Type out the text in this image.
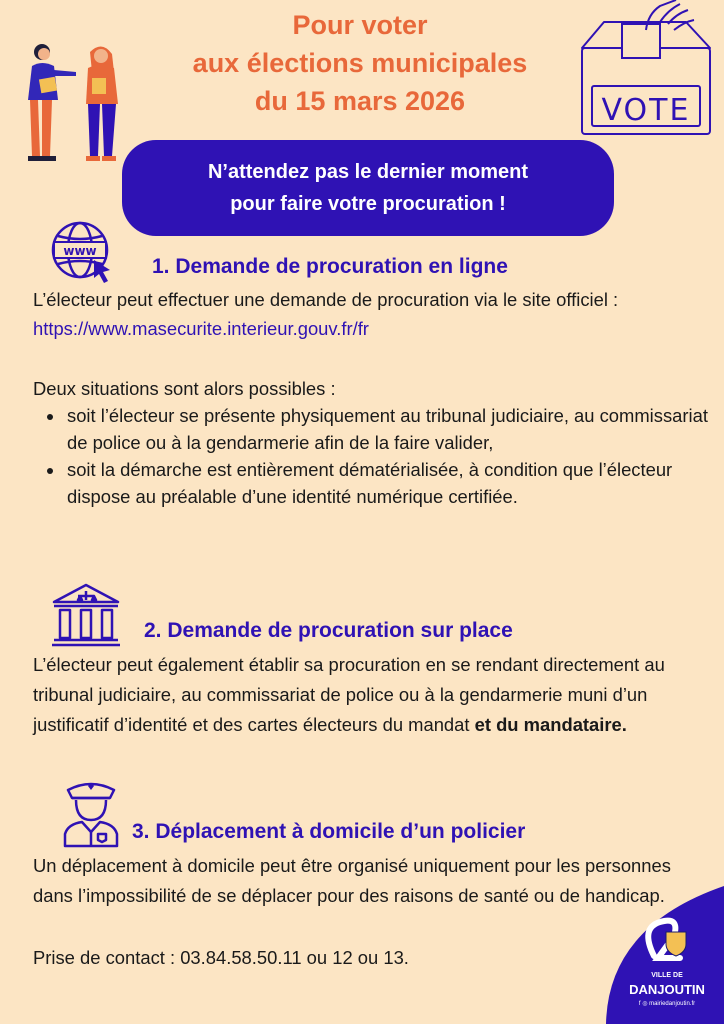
Pour voter
aux élections municipales
du 15 mars 2026	VOTE
N’attendez pas le dernier moment
pour faire votre procuration !
www
1. Demande de procuration en ligne

L’électeur peut effectuer une demande de procuration via le site officiel : https://www.masecurite.interieur.gouv.fr/fr

Deux situations sont alors possibles :

• soit l’électeur se présente physiquement au tribunal judiciaire, au commissariat de police ou à la gendarmerie afin de la faire valider,
• soit la démarche est entièrement dématérialisée, à condition que l’électeur dispose au préalable d’une identité numérique certifiée.
2. Demande de procuration sur place

L’électeur peut également établir sa procuration en se rendant directement au tribunal judiciaire, au commissariat de police ou à la gendarmerie muni d’un justificatif d’identité et des cartes électeurs du mandat et du mandataire.

3. Déplacement à domicile d’un policier

Un déplacement à domicile peut être organisé uniquement pour les personnes dans l’impossibilité de se déplacer pour des raisons de santé ou de handicap.

Prise de contact : 03.84.58.50.11 ou 12 ou 13.

VILLE DE
DANJOUTIN
f ◎ mairiedanjoutin.fr
